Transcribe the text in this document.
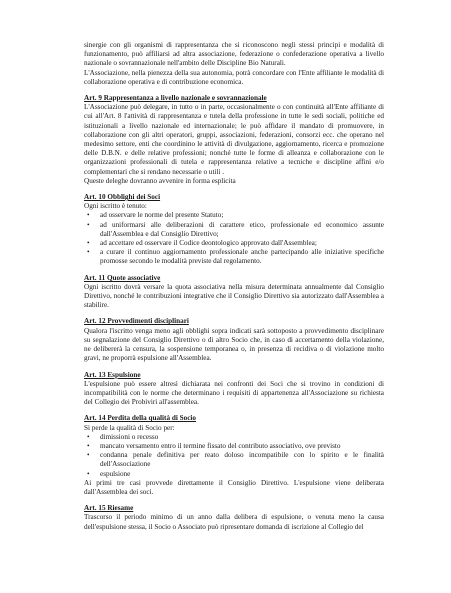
sinergie con gli organismi di rappresentanza che si riconoscono negli stessi principi e modalità di funzionamento, può affiliarsi ad altra associazione, federazione o confederazione operativa a livello nazionale o sovrannazionale nell'ambito delle Discipline Bio Naturali.

L'Associazione, nella pienezza della sua autonomia, potrà concordare con l'Ente affiliante le modalità di collaborazione operativa e di contribuzione economica.

Art. 9 Rappresentanza a livello nazionale e sovrannazionale

L'Associazione può delegare, in tutto o in parte, occasionalmente o con continuità all'Ente affiliante di cui all'Art. 8 l'attività di rappresentanza e tutela della professione in tutte le sedi sociali, politiche ed istituzionali a livello nazionale ed internazionale; le può affidare il mandato di promuovere, in collaborazione con gli altri operatori, gruppi, associazioni, federazioni, consorzi ecc. che operano nel medesimo settore, enti che coordinino le attività di divulgazione, aggiornamento, ricerca e promozione delle D.B.N. e delle relative professioni; nonché tutte le forme di alleanza e collaborazione con le organizzazioni professionali di tutela e rappresentanza relative a tecniche e discipline affini e/o complementari che si rendano necessarie o utili .

Queste deleghe dovranno avvenire in forma esplicita

Art. 10 Obblighi dei Soci

Ogni iscritto è tenuto:

• ad osservare le norme del presente Statuto;
• ad uniformarsi alle deliberazioni di carattere etico, professionale ed economico assunte dall'Assemblea e dal Consiglio Direttivo;
• ad accettare ed osservare il Codice deontologico approvato dall'Assemblea;
• a curare il continuo aggiornamento professionale anche partecipando alle iniziative specifiche promosse secondo le modalità previste dal regolamento.

Art. 11 Quote associative

Ogni iscritto dovrà versare la quota associativa nella misura determinata annualmente dal Consiglio Direttivo, nonché le contribuzioni integrative che il Consiglio Direttivo sia autorizzato dall'Assemblea a stabilire.

Art. 12 Provvedimenti disciplinari

Qualora l'iscritto venga meno agli obblighi sopra indicati sarà sottoposto a provvedimento disciplinare su segnalazione del Consiglio Direttivo o di altro Socio che, in caso di accertamento della violazione, ne delibererà la censura, la sospensione temporanea o, in presenza di recidiva o di violazione molto gravi, ne proporrà espulsione all'Assemblea.

Art. 13 Espulsione

L'espulsione può essere altresì dichiarata nei confronti dei Soci che si trovino in condizioni di incompatibilità con le norme che determinano i requisiti di appartenenza all'Associazione su richiesta del Collegio dei Probiviri all'assemblea.

Art. 14 Perdita della qualità di Socio

Si perde la qualità di Socio per:

• dimissioni o recesso
• mancato versamento entro il termine fissato del contributo associativo, ove previsto
• condanna penale definitiva per reato doloso incompatibile con lo spirito e le finalità dell'Associazione
• espulsione

Ai primi tre casi provvede direttamente il Consiglio Direttivo. L'espulsione viene deliberata dall'Assemblea dei soci.

Art. 15 Riesame

Trascorso il periodo minimo di un anno dalla delibera di espulsione, o venuta meno la causa dell'espulsione stessa, il Socio o Associato può ripresentare domanda di iscrizione al Collegio del
